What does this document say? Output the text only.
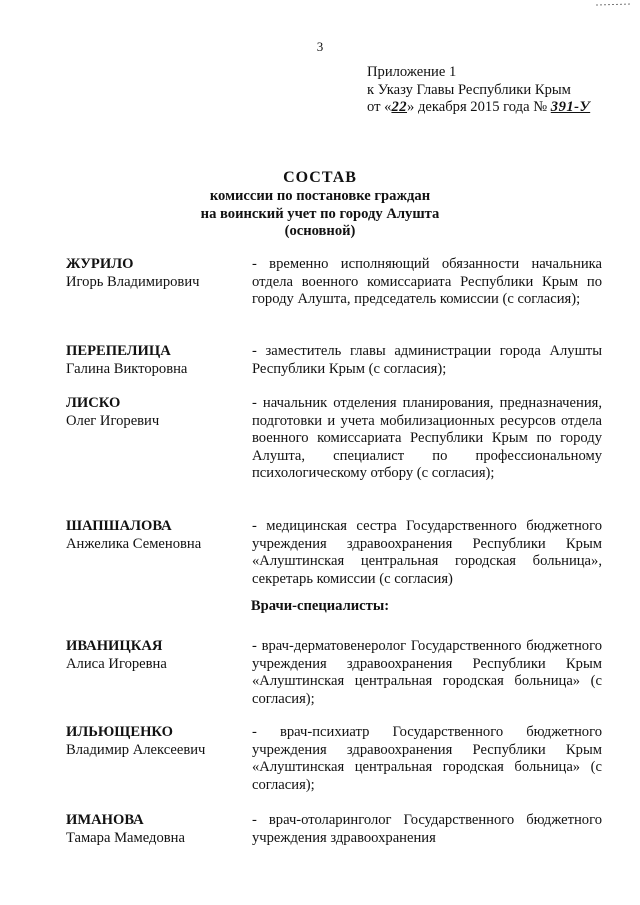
3
Приложение 1
к Указу Главы Республики Крым
от «22» декабря 2015 года № 391-У
СОСТАВ
комиссии по постановке граждан
на воинский учет по городу Алушта
(основной)
ЖУРИЛО
Игорь Владимирович
- временно исполняющий обязанности начальника отдела военного комиссариата Республики Крым по городу Алушта, председатель комиссии (с согласия);
ПЕРЕПЕЛИЦА
Галина Викторовна
- заместитель главы администрации города Алушты Республики Крым (с согласия);
ЛИСКО
Олег Игоревич
- начальник отделения планирования, предназначения, подготовки и учета мобилизационных ресурсов отдела военного комиссариата Республики Крым по городу Алушта, специалист по профессиональному психологическому отбору (с согласия);
ШАПШАЛОВА
Анжелика Семеновна
- медицинская сестра Государственного бюджетного учреждения здравоохранения Республики Крым «Алуштинская центральная городская больница», секретарь комиссии (с согласия)
Врачи-специалисты:
ИВАНИЦКАЯ
Алиса Игоревна
- врач-дерматовенеролог Государственного бюджетного учреждения здравоохранения Республики Крым «Алуштинская центральная городская больница» (с согласия);
ИЛЬЮЩЕНКО
Владимир Алексеевич
- врач-психиатр Государственного бюджетного учреждения здравоохранения Республики Крым «Алуштинская центральная городская больница» (с согласия);
ИМАНОВА
Тамара Мамедовна
- врач-отоларинголог Государственного бюджетного учреждения здравоохранения
